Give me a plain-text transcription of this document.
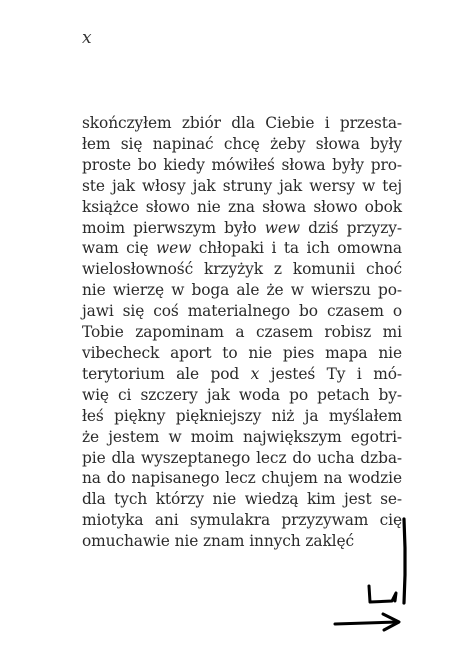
x
skończyłem zbiór dla Ciebie i przesta-
łem się napinać chcę żeby słowa były
proste bo kiedy mówiłeś słowa były pro-
ste jak włosy jak struny jak wersy w tej
książce słowo nie zna słowa słowo obok
moim pierwszym było wew dziś przyzy-
wam cię wew chłopaki i ta ich omowna
wielosłowność krzyżyk z komunii choć
nie wierzę w boga ale że w wierszu po-
jawi się coś materialnego bo czasem o
Tobie zapominam a czasem robisz mi
vibecheck aport to nie pies mapa nie
terytorium ale pod x jesteś Ty i mó-
wię ci szczery jak woda po petach by-
łeś piękny piękniejszy niż ja myślałem
że jestem w moim największym egotri-
pie dla wyszeptanego lecz do ucha dzba-
na do napisanego lecz chujem na wodzie
dla tych którzy nie wiedzą kim jest se-
miotyka ani symulakra przyzywam cię
omuchawie nie znam innych zaklęć
